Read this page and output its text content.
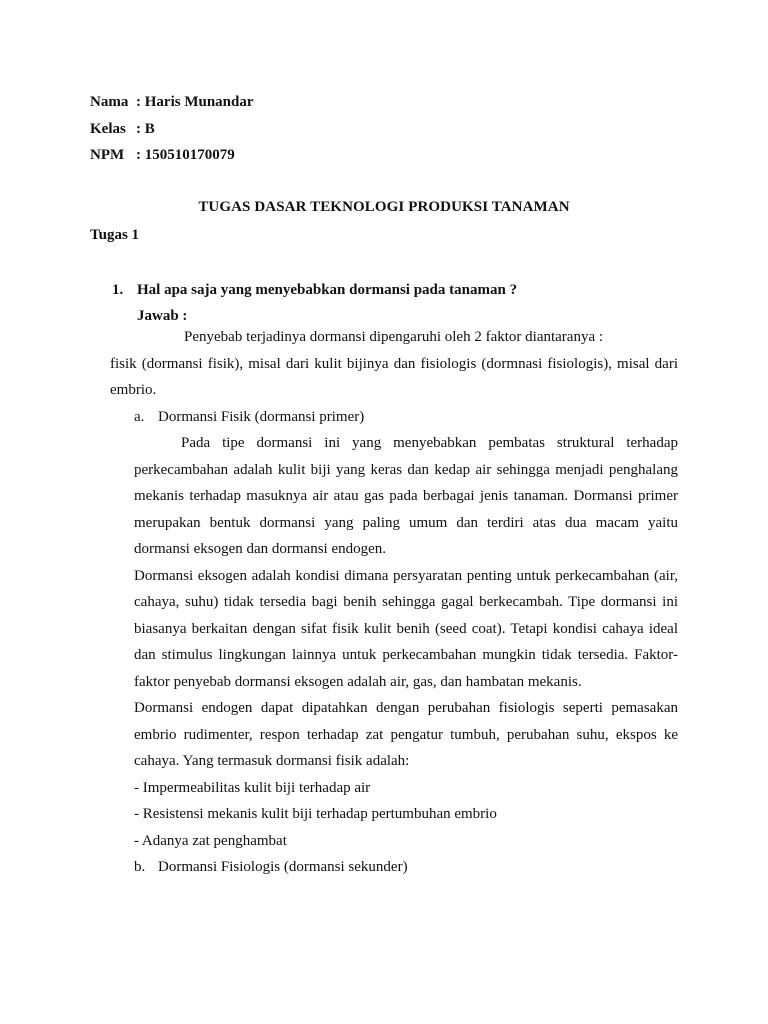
Nama : Haris Munandar
Kelas : B
NPM : 150510170079
TUGAS DASAR TEKNOLOGI PRODUKSI TANAMAN
Tugas 1
1. Hal apa saja yang menyebabkan dormansi pada tanaman ?
Jawab :

Penyebab terjadinya dormansi dipengaruhi oleh 2 faktor diantaranya :

fisik (dormansi fisik), misal dari kulit bijinya dan fisiologis (dormnasi fisiologis), misal dari embrio.

a. Dormansi Fisik (dormansi primer)

Pada tipe dormansi ini yang menyebabkan pembatas struktural terhadap perkecambahan adalah kulit biji yang keras dan kedap air sehingga menjadi penghalang mekanis terhadap masuknya air atau gas pada berbagai jenis tanaman. Dormansi primer merupakan bentuk dormansi yang paling umum dan terdiri atas dua macam yaitu dormansi eksogen dan dormansi endogen.

Dormansi eksogen adalah kondisi dimana persyaratan penting untuk perkecambahan (air, cahaya, suhu) tidak tersedia bagi benih sehingga gagal berkecambah. Tipe dormansi ini biasanya berkaitan dengan sifat fisik kulit benih (seed coat). Tetapi kondisi cahaya ideal dan stimulus lingkungan lainnya untuk perkecambahan mungkin tidak tersedia. Faktor-faktor penyebab dormansi eksogen adalah air, gas, dan hambatan mekanis.

Dormansi endogen dapat dipatahkan dengan perubahan fisiologis seperti pemasakan embrio rudimenter, respon terhadap zat pengatur tumbuh, perubahan suhu, ekspos ke cahaya. Yang termasuk dormansi fisik adalah:

- Impermeabilitas kulit biji terhadap air

- Resistensi mekanis kulit biji terhadap pertumbuhan embrio

- Adanya zat penghambat

b. Dormansi Fisiologis (dormansi sekunder)
